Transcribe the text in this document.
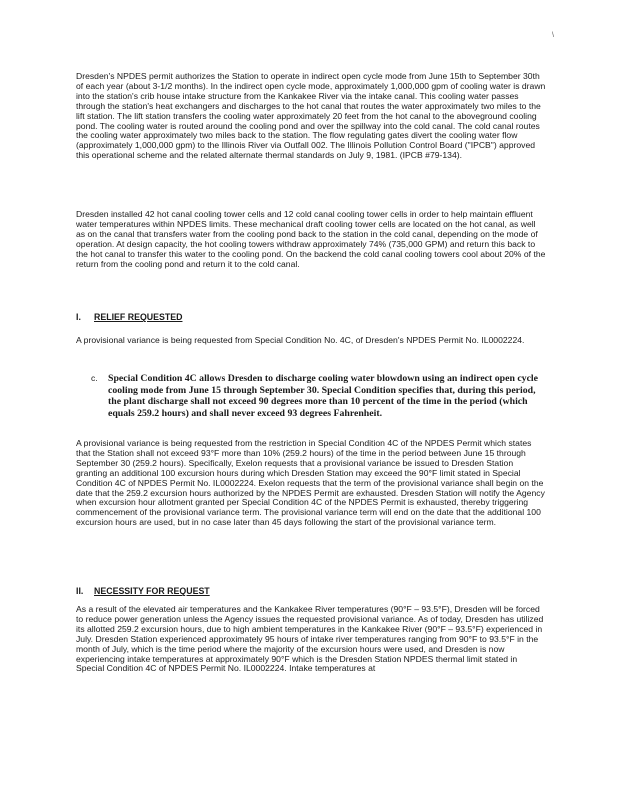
\

Dresden's NPDES permit authorizes the Station to operate in indirect open cycle mode from June 15th to September 30th of each year (about 3-1/2 months). In the indirect open cycle mode, approximately 1,000,000 gpm of cooling water is drawn into the station's crib house intake structure from the Kankakee River via the intake canal. This cooling water passes through the station's heat exchangers and discharges to the hot canal that routes the water approximately two miles to the lift station. The lift station transfers the cooling water approximately 20 feet from the hot canal to the aboveground cooling pond. The cooling water is routed around the cooling pond and over the spillway into the cold canal. The cold canal routes the cooling water approximately two miles back to the station. The flow regulating gates divert the cooling water flow (approximately 1,000,000 gpm) to the Illinois River via Outfall 002. The Illinois Pollution Control Board ("IPCB") approved this operational scheme and the related alternate thermal standards on July 9, 1981. (IPCB #79-134).

Dresden installed 42 hot canal cooling tower cells and 12 cold canal cooling tower cells in order to help maintain effluent water temperatures within NPDES limits. These mechanical draft cooling tower cells are located on the hot canal, as well as on the canal that transfers water from the cooling pond back to the station in the cold canal, depending on the mode of operation. At design capacity, the hot cooling towers withdraw approximately 74% (735,000 GPM) and return this back to the hot canal to transfer this water to the cooling pond. On the backend the cold canal cooling towers cool about 20% of the return from the cooling pond and return it to the cold canal.

I. RELIEF REQUESTED

A provisional variance is being requested from Special Condition No. 4C, of Dresden's NPDES Permit No. IL0002224.

c. Special Condition 4C allows Dresden to discharge cooling water blowdown using an indirect open cycle cooling mode from June 15 through September 30. Special Condition specifies that, during this period, the plant discharge shall not exceed 90 degrees more than 10 percent of the time in the period (which equals 259.2 hours) and shall never exceed 93 degrees Fahrenheit.

A provisional variance is being requested from the restriction in Special Condition 4C of the NPDES Permit which states that the Station shall not exceed 93°F more than 10% (259.2 hours) of the time in the period between June 15 through September 30 (259.2 hours). Specifically, Exelon requests that a provisional variance be issued to Dresden Station granting an additional 100 excursion hours during which Dresden Station may exceed the 90°F limit stated in Special Condition 4C of NPDES Permit No. IL0002224. Exelon requests that the term of the provisional variance shall begin on the date that the 259.2 excursion hours authorized by the NPDES Permit are exhausted. Dresden Station will notify the Agency when excursion hour allotment granted per Special Condition 4C of the NPDES Permit is exhausted, thereby triggering commencement of the provisional variance term. The provisional variance term will end on the date that the additional 100 excursion hours are used, but in no case later than 45 days following the start of the provisional variance term.

II. NECESSITY FOR REQUEST

As a result of the elevated air temperatures and the Kankakee River temperatures (90°F – 93.5°F), Dresden will be forced to reduce power generation unless the Agency issues the requested provisional variance. As of today, Dresden has utilized its allotted 259.2 excursion hours, due to high ambient temperatures in the Kankakee River (90°F – 93.5°F) experienced in July. Dresden Station experienced approximately 95 hours of intake river temperatures ranging from 90°F to 93.5°F in the month of July, which is the time period where the majority of the excursion hours were used, and Dresden is now experiencing intake temperatures at approximately 90°F which is the Dresden Station NPDES thermal limit stated in Special Condition 4C of NPDES Permit No. IL0002224. Intake temperatures at
